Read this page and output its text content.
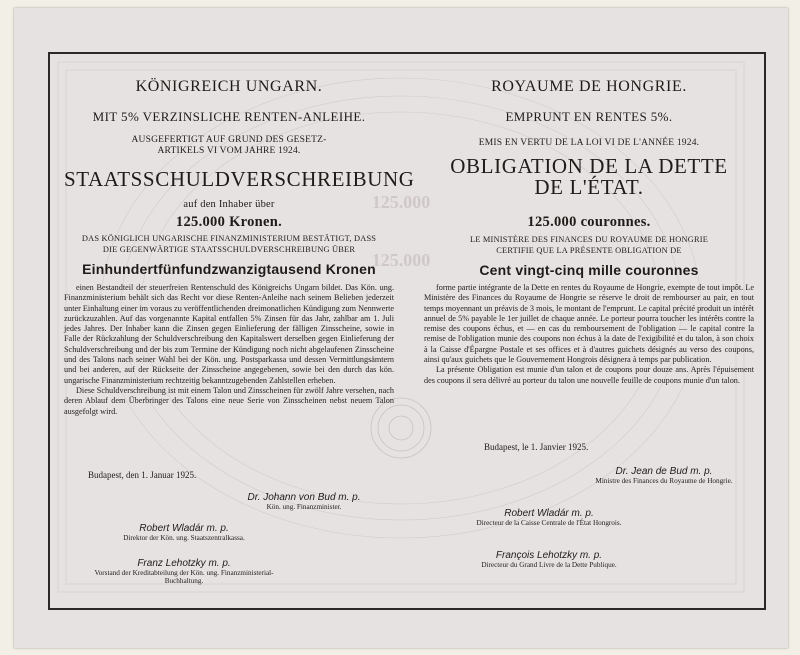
125.000
125.000

KÖNIGREICH UNGARN.

MIT 5% VERZINSLICHE RENTEN-ANLEIHE.

AUSGEFERTIGT AUF GRUND DES GESETZ-

ARTIKELS VI VOM JAHRE 1924.

STAATSSCHULDVERSCHREIBUNG

auf den Inhaber über

125.000 Kronen.

DAS KÖNIGLICH UNGARISCHE FINANZMINISTERIUM BESTÄTIGT, DASS

DIE GEGENWÄRTIGE STAATSSCHULDVERSCHREIBUNG ÜBER

Einhundertfünfundzwanzigtausend Kronen

einen Bestandteil der steuerfreien Rentenschuld des Königreichs Ungarn bildet. Das Kön. ung. Finanzministerium behält sich das Recht vor diese Renten-Anleihe nach seinem Belieben jederzeit unter Einhaltung einer im voraus zu veröffentlichenden dreimonatlichen Kündigung zum Nennwerte zurückzuzahlen. Auf das vorgenannte Kapital entfallen 5% Zinsen für das Jahr, zahlbar am 1. Juli jedes Jahres. Der Inhaber kann die Zinsen gegen Einlieferung der fälligen Zinsscheine, sowie in Falle der Rückzahlung der Schuldverschreibung den Kapitalswert derselben gegen Einlieferung der Schuldverschreibung und der bis zum Termine der Kündigung noch nicht abgelaufenen Zinsscheine und des Talons nach seiner Wahl bei der Kön. ung. Postsparkassa und dessen Vermittlungsämtern und bei anderen, auf der Rückseite der Zinsscheine angegebenen, sowie bei den durch das kön. ungarische Finanzministerium rechtzeitig bekanntzugebenden Zahlstellen erheben.

Diese Schuldverschreibung ist mit einem Talon und Zinsscheinen für zwölf Jahre versehen, nach deren Ablauf dem Überbringer des Talons eine neue Serie von Zinsscheinen nebst neuem Talon ausgefolgt wird.

Budapest, den 1. Januar 1925.

Dr. Johann von Bud m. p.
Kön. ung. Finanzminister.
Robert Wladár m. p.
Direktor der Kön. ung. Staatszentralkassa.
Franz Lehotzky m. p.
Vorstand der Kreditabteilung der Kön. ung. Finanzministerial-Buchhaltung.

ROYAUME DE HONGRIE.

EMPRUNT EN RENTES 5%.

EMIS EN VERTU DE LA LOI VI DE L'ANNÉE 1924.

OBLIGATION DE LA DETTE

DE L'ÉTAT.

125.000 couronnes.

LE MINISTÈRE DES FINANCES DU ROYAUME DE HONGRIE

CERTIFIE QUE LA PRÉSENTE OBLIGATION DE

Cent vingt-cinq mille couronnes

forme partie intégrante de la Dette en rentes du Royaume de Hongrie, exempte de tout impôt. Le Ministère des Finances du Royaume de Hongrie se réserve le droit de rembourser au pair, en tout temps moyennant un préavis de 3 mois, le montant de l'emprunt. Le capital précité produit un intérêt annuel de 5% payable le 1er juillet de chaque année. Le porteur pourra toucher les intérêts contre la remise des coupons échus, et — en cas du remboursement de l'obligation — le capital contre la remise de l'obligation munie des coupons non échus à la date de l'exigibilité et du talon, à son choix à la Caisse d'Épargne Postale et ses offices et à d'autres guichets désignés au verso des coupons, ainsi qu'aux guichets que le Gouvernement Hongrois désignera à temps par publication.

La présente Obligation est munie d'un talon et de coupons pour douze ans. Après l'épuisement des coupons il sera délivré au porteur du talon une nouvelle feuille de coupons munie d'un talon.

Budapest, le 1. Janvier 1925.

Dr. Jean de Bud m. p.
Ministre des Finances du Royaume de Hongrie.
Robert Wladár m. p.
Directeur de la Caisse Centrale de l'État Hongrois.
François Lehotzky m. p.
Directeur du Grand Livre de la Dette Publique.
